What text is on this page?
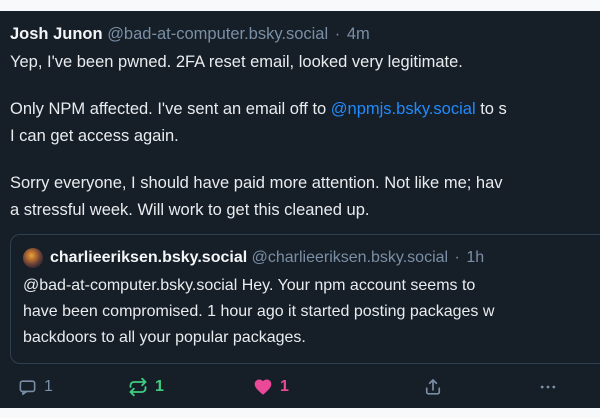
Josh Junon @bad-at-computer.bsky.social · 4m

Yep, I've been pwned. 2FA reset email, looked very legitimate.

Only NPM affected. I've sent an email off to @npmjs.bsky.social to s

I can get access again.

Sorry everyone, I should have paid more attention. Not like me; hav

a stressful week. Will work to get this cleaned up.

charlieeriksen.bsky.social @charlieeriksen.bsky.social · 1h

@bad-at-computer.bsky.social Hey. Your npm account seems to

have been compromised. 1 hour ago it started posting packages w

backdoors to all your popular packages.

1	1	1
